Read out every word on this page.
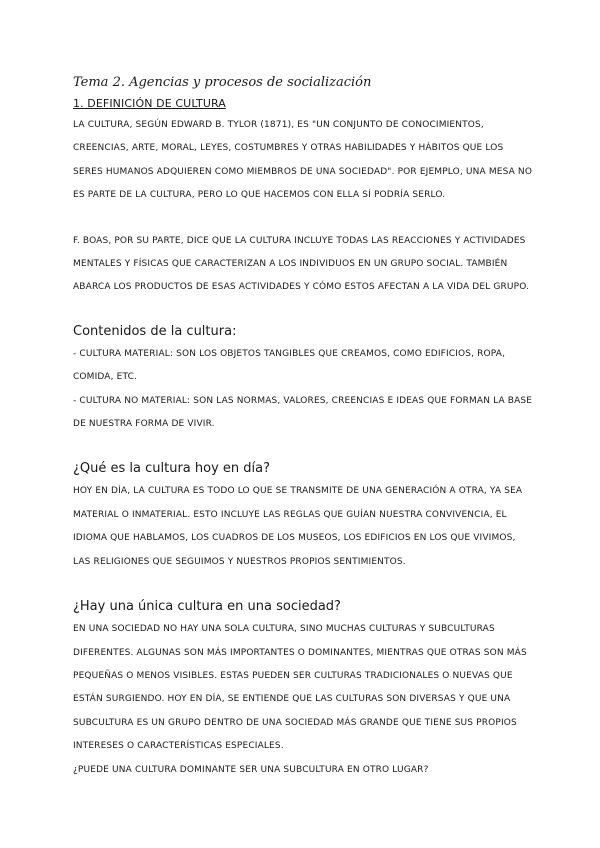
Tema 2. Agencias y procesos de socialización
1. DEFINICIÓN DE CULTURA

LA CULTURA, SEGÚN EDWARD B. TYLOR (1871), ES "UN CONJUNTO DE CONOCIMIENTOS, CREENCIAS, ARTE, MORAL, LEYES, COSTUMBRES Y OTRAS HABILIDADES Y HÁBITOS QUE LOS SERES HUMANOS ADQUIEREN COMO MIEMBROS DE UNA SOCIEDAD". POR EJEMPLO, UNA MESA NO ES PARTE DE LA CULTURA, PERO LO QUE HACEMOS CON ELLA SÍ PODRÍA SERLO.

F. BOAS, POR SU PARTE, DICE QUE LA CULTURA INCLUYE TODAS LAS REACCIONES Y ACTIVIDADES MENTALES Y FÍSICAS QUE CARACTERIZAN A LOS INDIVIDUOS EN UN GRUPO SOCIAL. TAMBIÉN ABARCA LOS PRODUCTOS DE ESAS ACTIVIDADES Y CÓMO ESTOS AFECTAN A LA VIDA DEL GRUPO.

Contenidos de la cultura:

- CULTURA MATERIAL: SON LOS OBJETOS TANGIBLES QUE CREAMOS, COMO EDIFICIOS, ROPA, COMIDA, ETC.

- CULTURA NO MATERIAL: SON LAS NORMAS, VALORES, CREENCIAS E IDEAS QUE FORMAN LA BASE DE NUESTRA FORMA DE VIVIR.

¿Qué es la cultura hoy en día?

HOY EN DÍA, LA CULTURA ES TODO LO QUE SE TRANSMITE DE UNA GENERACIÓN A OTRA, YA SEA MATERIAL O INMATERIAL. ESTO INCLUYE LAS REGLAS QUE GUÍAN NUESTRA CONVIVENCIA, EL IDIOMA QUE HABLAMOS, LOS CUADROS DE LOS MUSEOS, LOS EDIFICIOS EN LOS QUE VIVIMOS, LAS RELIGIONES QUE SEGUIMOS Y NUESTROS PROPIOS SENTIMIENTOS.

¿Hay una única cultura en una sociedad?

EN UNA SOCIEDAD NO HAY UNA SOLA CULTURA, SINO MUCHAS CULTURAS Y SUBCULTURAS DIFERENTES. ALGUNAS SON MÁS IMPORTANTES O DOMINANTES, MIENTRAS QUE OTRAS SON MÁS PEQUEÑAS O MENOS VISIBLES. ESTAS PUEDEN SER CULTURAS TRADICIONALES O NUEVAS QUE ESTÁN SURGIENDO. HOY EN DÍA, SE ENTIENDE QUE LAS CULTURAS SON DIVERSAS Y QUE UNA SUBCULTURA ES UN GRUPO DENTRO DE UNA SOCIEDAD MÁS GRANDE QUE TIENE SUS PROPIOS INTERESES O CARACTERÍSTICAS ESPECIALES.

¿PUEDE UNA CULTURA DOMINANTE SER UNA SUBCULTURA EN OTRO LUGAR?
